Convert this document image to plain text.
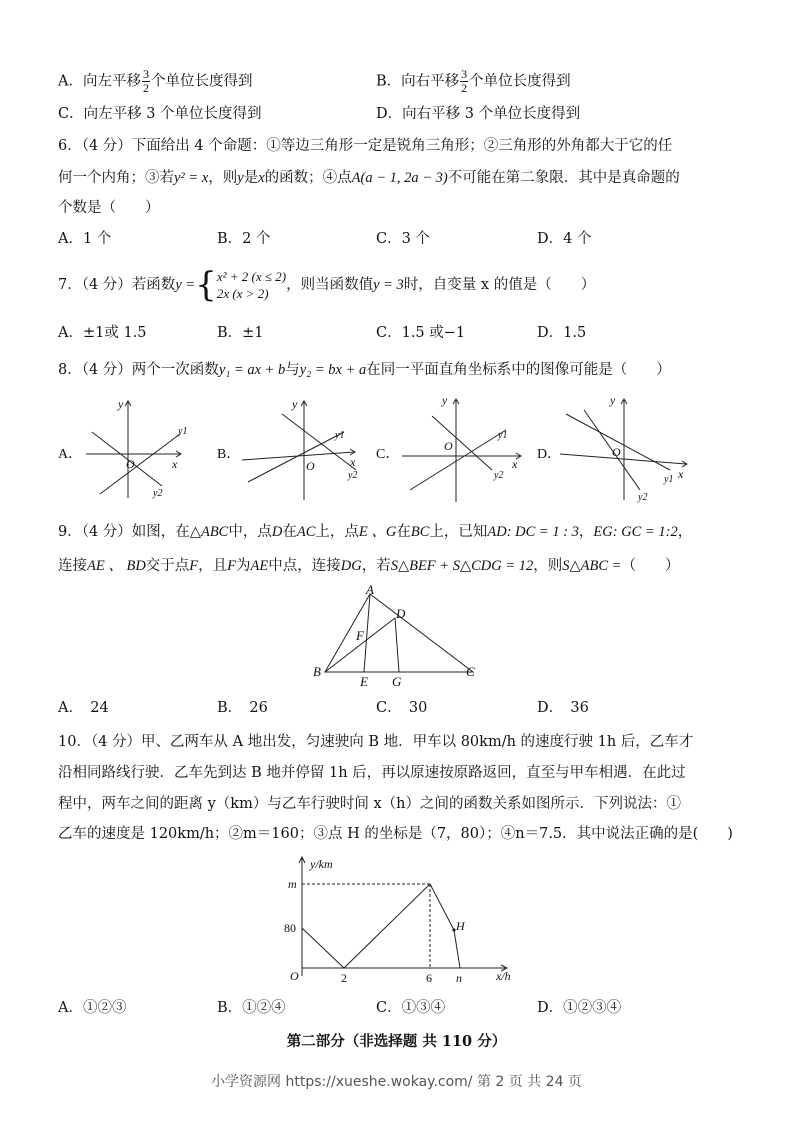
A．向左平移 $\frac{3}{2}$ 个单位长度得到	B．向右平移 $\frac{3}{2}$ 个单位长度得到
C．向左平移 3 个单位长度得到	D．向右平移 3 个单位长度得到
6．（4 分）下面给出 4 个命题：①等边三角形一定是锐角三角形；②三角形的外角都大于它的任
何一个内角；③若y² = x，则y是x的函数；④点A(a − 1, 2a − 3)不可能在第二象限．其中是真命题的
个数是（　　）
A．1 个	B．2 个	C．3 个	D．4 个
7．（4 分）若函数y ={ x² + 2 (x ≤ 2)
2x (x > 2)
，则当函数值y = 3时，自变量 x 的值是（　　）
A．±1或 1.5	B．±1	C．1.5 或−1	D．1.5
8．（4 分）两个一次函数y₁ = ax + b与y₂ = bx + a在同一平面直角坐标系中的图像可能是（　　）
A．
y
x
O
y1
y2
B．
y
x
O
y1
y2
C．
y
x
O
y1
y2
D．
y
x
O
y1
y2
9．（4 分）如图，在△ABC中，点D在AC上，点E 、G在BC上，已知AD: DC = 1 : 3，EG: GC = 1:2，
连接AE 、 BD交于点F，且F为AE中点，连接DG，若S△BEF + S△CDG = 12，则S△ABC =（　　）
A
D
F
B
E G
C
A．　24	B．　26	C．　30	D．　36
10．（4 分）甲、乙两车从 A 地出发，匀速驶向 B 地．甲车以 80km/h 的速度行驶 1h 后，乙车才
沿相同路线行驶．乙车先到达 B 地并停留 1h 后，再以原速按原路返回，直至与甲车相遇．在此过
程中，两车之间的距离 y（km）与乙车行驶时间 x（h）之间的函数关系如图所示．下列说法：①
乙车的速度是 120km/h；②m＝160；③点 H 的坐标是（7，80）；④n＝7.5．其中说法正确的是(　　)
y/km
x/h
m
80
O	2	6 n
H
A．①②③	B．①②④	C．①③④	D．①②③④
第二部分（非选择题 共 110 分）
小学资源网 https://xueshe.wokay.com/ 第 2 页 共 24 页
